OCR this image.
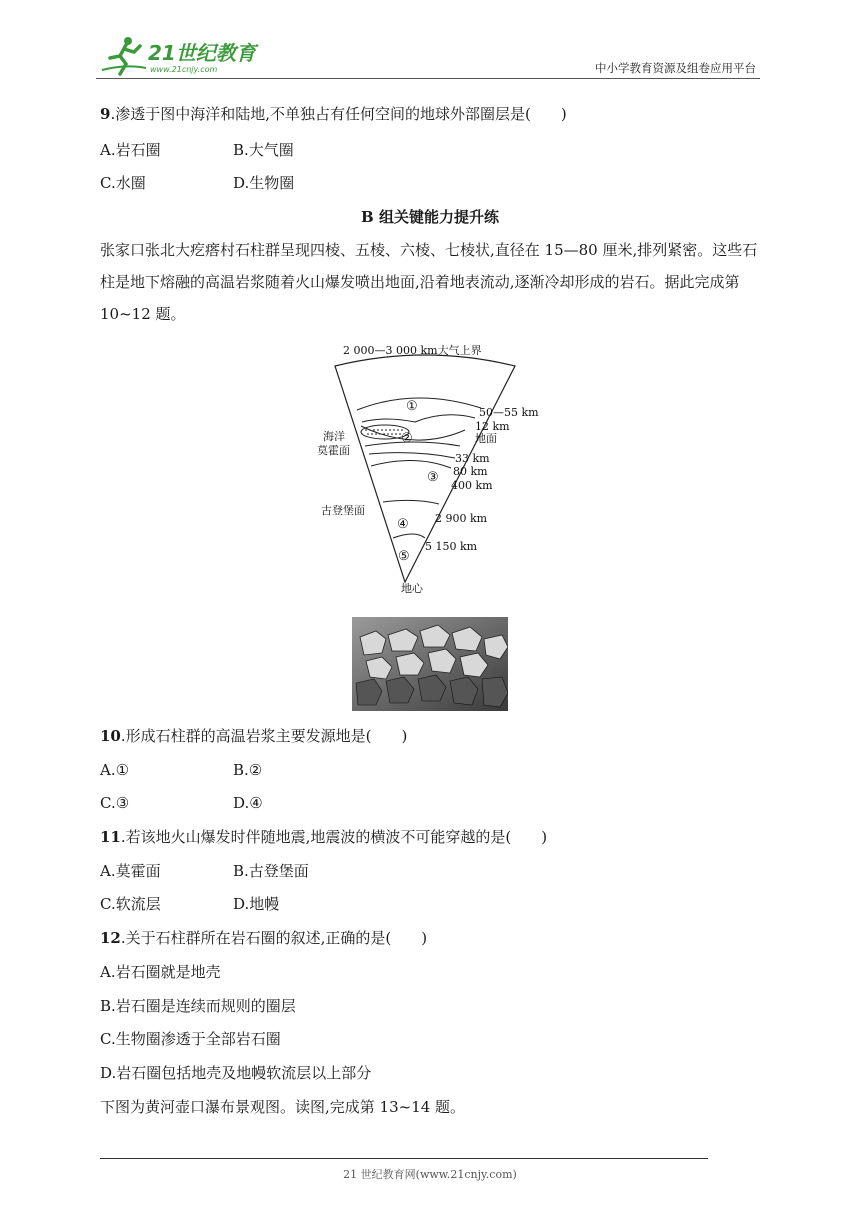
21世纪教育
www.21cnjy.com	中小学教育资源及组卷应用平台
9.渗透于图中海洋和陆地,不单独占有任何空间的地球外部圈层是(　　)
A.岩石圈	B.大气圈
C.水圈	D.生物圈
B 组关键能力提升练
张家口张北大疙瘩村石柱群呈现四棱、五棱、六棱、七棱状,直径在 15—80 厘米,排列紧密。这些石柱是地下熔融的高温岩浆随着火山爆发喷出地面,沿着地表流动,逐渐冷却形成的岩石。据此完成第 10~12 题。
2 000—3 000 km大气上界
①
②
③
④
⑤
海洋
莫霍面
古登堡面
50—55 km
12 km
地面
33 km
80 km
400 km
2 900 km
5 150 km
地心
10.形成石柱群的高温岩浆主要发源地是(　　)
A.①	B.②
C.③	D.④
11.若该地火山爆发时伴随地震,地震波的横波不可能穿越的是(　　)
A.莫霍面	B.古登堡面
C.软流层	D.地幔
12.关于石柱群所在岩石圈的叙述,正确的是(　　)
A.岩石圈就是地壳
B.岩石圈是连续而规则的圈层
C.生物圈渗透于全部岩石圈
D.岩石圈包括地壳及地幔软流层以上部分
下图为黄河壶口瀑布景观图。读图,完成第 13~14 题。
21 世纪教育网(www.21cnjy.com)
